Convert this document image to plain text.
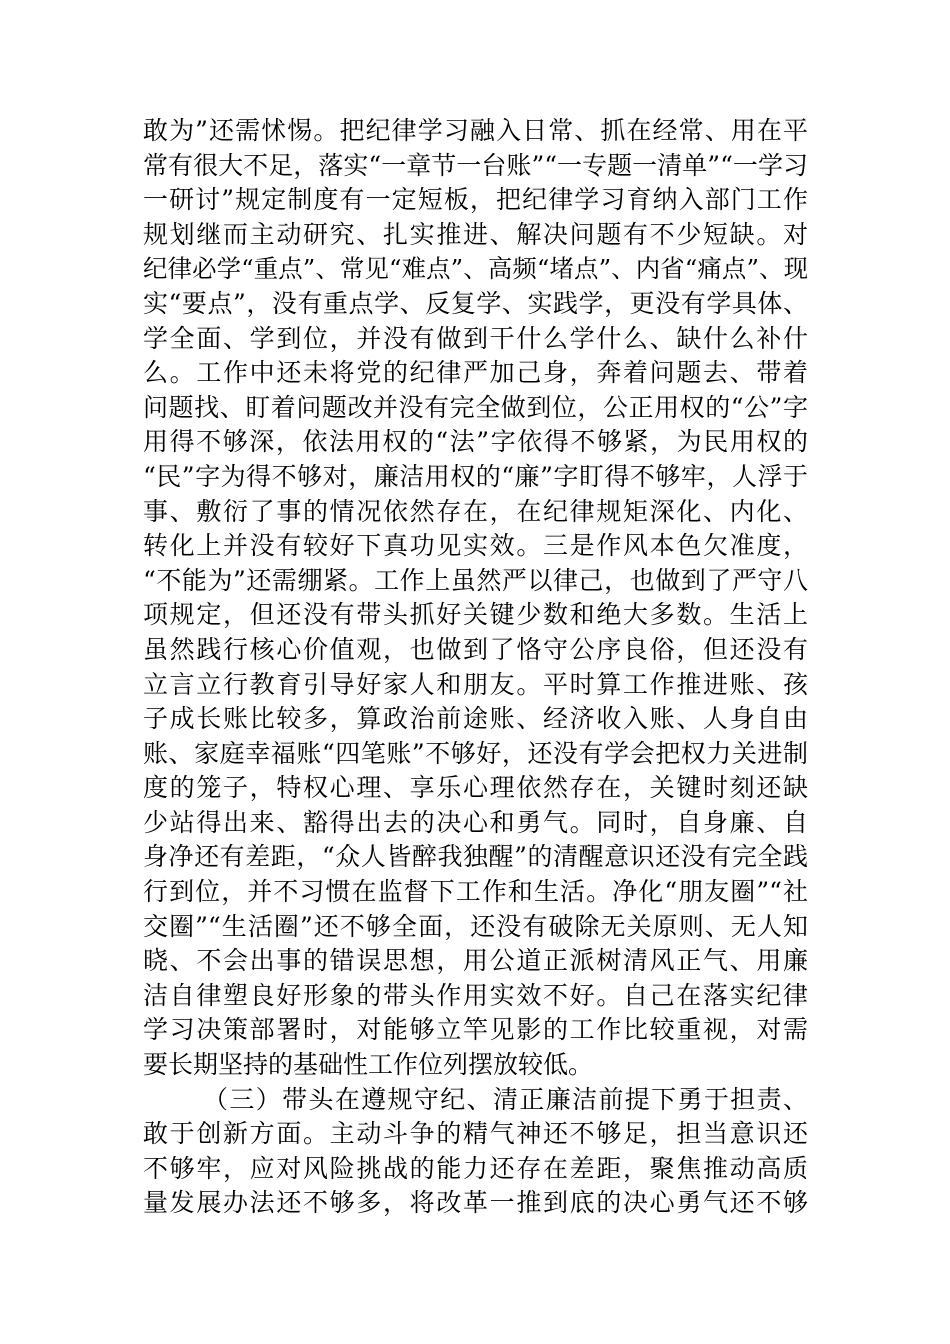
敢为”还需怵惕。把纪律学习融入日常、抓在经常、用在平
常有很大不足，落实“一章节一台账”“一专题一清单”“一学习
一研讨”规定制度有一定短板，把纪律学习育纳入部门工作
规划继而主动研究、扎实推进、解决问题有不少短缺。对
纪律必学“重点”、常见“难点”、高频“堵点”、内省“痛点”、现
实“要点”，没有重点学、反复学、实践学，更没有学具体、
学全面、学到位，并没有做到干什么学什么、缺什么补什
么。工作中还未将党的纪律严加己身，奔着问题去、带着
问题找、盯着问题改并没有完全做到位，公正用权的“公”字
用得不够深，依法用权的“法”字依得不够紧，为民用权的
“民”字为得不够对，廉洁用权的“廉”字盯得不够牢，人浮于
事、敷衍了事的情况依然存在，在纪律规矩深化、内化、
转化上并没有较好下真功见实效。三是作风本色欠准度，
“不能为”还需绷紧。工作上虽然严以律己，也做到了严守八
项规定，但还没有带头抓好关键少数和绝大多数。生活上
虽然践行核心价值观，也做到了恪守公序良俗，但还没有
立言立行教育引导好家人和朋友。平时算工作推进账、孩
子成长账比较多，算政治前途账、经济收入账、人身自由
账、家庭幸福账“四笔账”不够好，还没有学会把权力关进制
度的笼子，特权心理、享乐心理依然存在，关键时刻还缺
少站得出来、豁得出去的决心和勇气。同时，自身廉、自
身净还有差距，“众人皆醉我独醒”的清醒意识还没有完全践
行到位，并不习惯在监督下工作和生活。净化“朋友圈”“社
交圈”“生活圈”还不够全面，还没有破除无关原则、无人知
晓、不会出事的错误思想，用公道正派树清风正气、用廉
洁自律塑良好形象的带头作用实效不好。自己在落实纪律
学习决策部署时，对能够立竿见影的工作比较重视，对需
要长期坚持的基础性工作位列摆放较低。
（三）带头在遵规守纪、清正廉洁前提下勇于担责、
敢于创新方面。主动斗争的精气神还不够足，担当意识还
不够牢，应对风险挑战的能力还存在差距，聚焦推动高质
量发展办法还不够多，将改革一推到底的决心勇气还不够
